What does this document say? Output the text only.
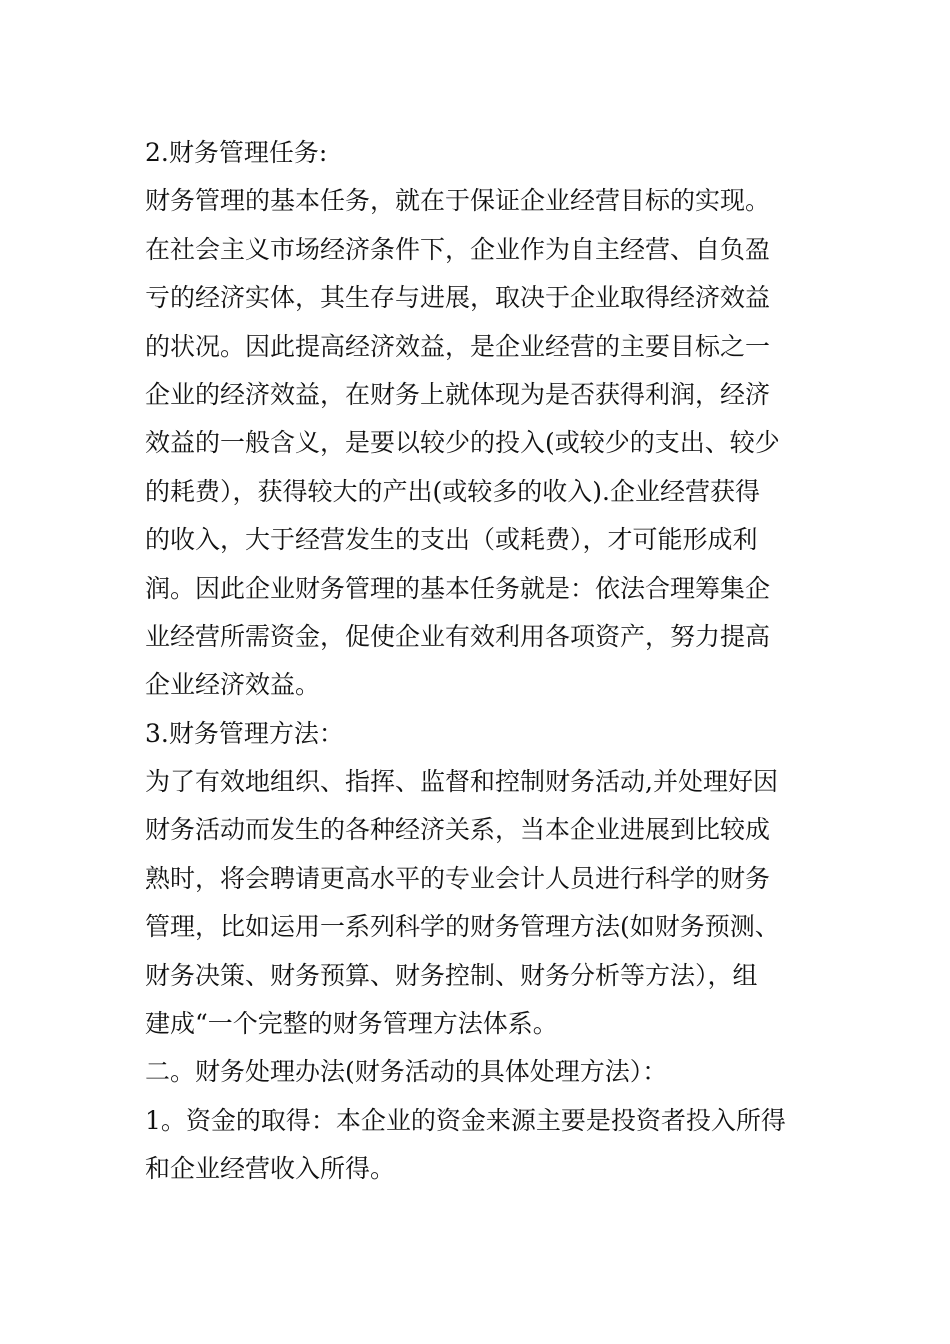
2.财务管理任务:
财务管理的基本任务，就在于保证企业经营目标的实现。
在社会主义市场经济条件下，企业作为自主经营、自负盈
亏的经济实体，其生存与进展，取决于企业取得经济效益
的状况。因此提高经济效益，是企业经营的主要目标之一
企业的经济效益，在财务上就体现为是否获得利润，经济
效益的一般含义，是要以较少的投入(或较少的支出、较少
的耗费），获得较大的产出(或较多的收入).企业经营获得
的收入，大于经营发生的支出（或耗费），才可能形成利
润。因此企业财务管理的基本任务就是：依法合理筹集企
业经营所需资金，促使企业有效利用各项资产，努力提高
企业经济效益。
3.财务管理方法：
为了有效地组织、指挥、监督和控制财务活动,并处理好因
财务活动而发生的各种经济关系，当本企业进展到比较成
熟时，将会聘请更高水平的专业会计人员进行科学的财务
管理，比如运用一系列科学的财务管理方法(如财务预测、
财务决策、财务预算、财务控制、财务分析等方法），组
建成“一个完整的财务管理方法体系。
二。财务处理办法(财务活动的具体处理方法）：
1。资金的取得：本企业的资金来源主要是投资者投入所得
和企业经营收入所得。
